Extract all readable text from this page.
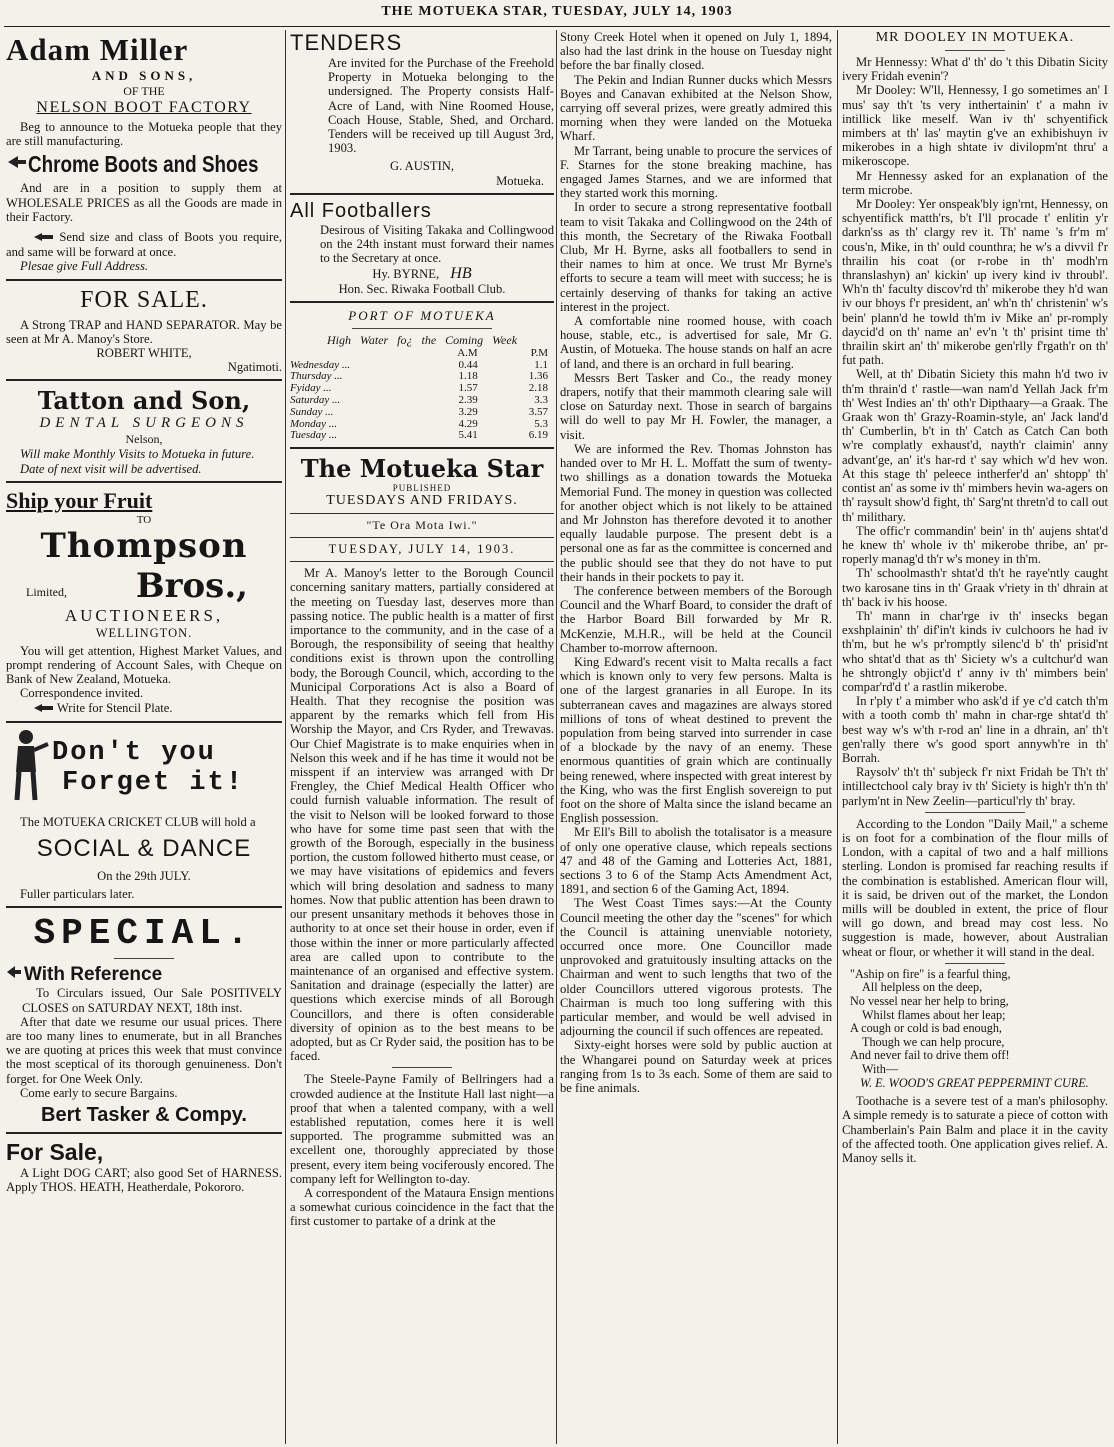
THE MOTUEKA STAR, TUESDAY, JULY 14, 1903
Adam Miller
AND SONS,
OF THE
NELSON BOOT FACTORY

Beg to announce to the Motueka people that they are still manufacturing.

Chrome Boots and Shoes

And are in a position to supply them at WHOLESALE PRICES as all the Goods are made in their Factory.

Send size and class of Boots you require, and same will be forward at once.

Plesae give Full Address.

FOR SALE.

A Strong TRAP and HAND SEPARATOR. May be seen at Mr A. Manoy's Store.

ROBERT WHITE,

Ngatimoti.

Tatton and Son,
DENTAL SURGEONS
Nelson,

Will make Monthly Visits to Motueka in future.

Date of next visit will be advertised.

Ship your Fruit
TO
Thompson
Limited, Bros.,
AUCTIONEERS,
WELLINGTON.

You will get attention, Highest Market Values, and prompt rendering of Account Sales, with Cheque on Bank of New Zealand, Motueka.

Correspondence invited.

Write for Stencil Plate.

Don't you
Forget it!

The MOTUEKA CRICKET CLUB will hold a

SOCIAL & DANCE

On the 29th JULY.

Fuller particulars later.

SPECIAL.
With Reference

To Circulars issued, Our Sale POSITIVELY CLOSES on SATURDAY NEXT, 18th inst.

After that date we resume our usual prices. There are too many lines to enumerate, but in all Branches we are quoting at prices this week that must convince the most sceptical of its thorough genuineness. Don't forget. for One Week Only.

Come early to secure Bargains.

Bert Tasker & Compy.
For Sale,

A Light DOG CART; also good Set of HARNESS. Apply THOS. HEATH, Heatherdale, Pokororo.

TENDERS

Are invited for the Purchase of the Freehold Property in Motueka belonging to the undersigned. The Property consists Half-Acre of Land, with Nine Roomed House, Coach House, Stable, Shed, and Orchard. Tenders will be received up till August 3rd, 1903.

G. AUSTIN,

Motueka.

All Footballers

Desirous of Visiting Takaka and Collingwood on the 24th instant must forward their names to the Secretary at once.

Hy. BYRNE, HB

Hon. Sec. Riwaka Football Club.

PORT OF MOTUEKA
High Water fo¿ the Coming Week
	A.M	P.M
Wednesday ...	0.44	1.1
Thursday ...	1.18	1.36
Fyiday ...	1.57	2.18
Saturday ...	2.39	3.3
Sunday ...	3.29	3.57
Monday ...	4.29	5.3
Tuesday ...	5.41	6.19
The Motueka Star
PUBLISHED
TUESDAYS AND FRIDAYS.
"Te Ora Mota Iwi."
TUESDAY, JULY 14, 1903.

Mr A. Manoy's letter to the Borough Council concerning sanitary matters, partially considered at the meeting on Tuesday last, deserves more than passing notice. The public health is a matter of first importance to the community, and in the case of a Borough, the responsibility of seeing that healthy conditions exist is thrown upon the controlling body, the Borough Council, which, according to the Municipal Corporations Act is also a Board of Health. That they recognise the position was apparent by the remarks which fell from His Worship the Mayor, and Crs Ryder, and Trewavas. Our Chief Magistrate is to make enquiries when in Nelson this week and if he has time it would not be misspent if an interview was arranged with Dr Frengley, the Chief Medical Health Officer who could furnish valuable information. The result of the visit to Nelson will be looked forward to those who have for some time past seen that with the growth of the Borough, especially in the business portion, the custom followed hitherto must cease, or we may have visitations of epidemics and fevers which will bring desolation and sadness to many homes. Now that public attention has been drawn to our present unsanitary methods it behoves those in authority to at once set their house in order, even if those within the inner or more particularly affected area are called upon to contribute to the maintenance of an organised and effective system. Sanitation and drainage (especially the latter) are questions which exercise minds of all Borough Councillors, and there is often considerable diversity of opinion as to the best means to be adopted, but as Cr Ryder said, the position has to be faced.

The Steele-Payne Family of Bellringers had a crowded audience at the Institute Hall last night—a proof that when a talented company, with a well established reputation, comes here it is well supported. The programme submitted was an excellent one, thoroughly appreciated by those present, every item being vociferously encored. The company left for Wellington to-day.

A correspondent of the Mataura Ensign mentions a somewhat curious coincidence in the fact that the first customer to partake of a drink at the

Stony Creek Hotel when it opened on July 1, 1894, also had the last drink in the house on Tuesday night before the bar finally closed.

The Pekin and Indian Runner ducks which Messrs Boyes and Canavan exhibited at the Nelson Show, carrying off several prizes, were greatly admired this morning when they were landed on the Motueka Wharf.

Mr Tarrant, being unable to procure the services of F. Starnes for the stone breaking machine, has engaged James Starnes, and we are informed that they started work this morning.

In order to secure a strong representative football team to visit Takaka and Collingwood on the 24th of this month, the Secretary of the Riwaka Football Club, Mr H. Byrne, asks all footballers to send in their names to him at once. We trust Mr Byrne's efforts to secure a team will meet with success; he is certainly deserving of thanks for taking an active interest in the project.

A comfortable nine roomed house, with coach house, stable, etc., is advertised for sale, Mr G. Austin, of Motueka. The house stands on half an acre of land, and there is an orchard in full bearing.

Messrs Bert Tasker and Co., the ready money drapers, notify that their mammoth clearing sale will close on Saturday next. Those in search of bargains will do well to pay Mr H. Fowler, the manager, a visit.

We are informed the Rev. Thomas Johnston has handed over to Mr H. L. Moffatt the sum of twenty-two shillings as a donation towards the Motueka Memorial Fund. The money in question was collected for another object which is not likely to be attained and Mr Johnston has therefore devoted it to another equally laudable purpose. The present debt is a personal one as far as the committee is concerned and the public should see that they do not have to put their hands in their pockets to pay it.

The conference between members of the Borough Council and the Wharf Board, to consider the draft of the Harbor Board Bill forwarded by Mr R. McKenzie, M.H.R., will be held at the Council Chamber to-morrow afternoon.

King Edward's recent visit to Malta recalls a fact which is known only to very few persons. Malta is one of the largest granaries in all Europe. In its subterranean caves and magazines are always stored millions of tons of wheat destined to prevent the population from being starved into surrender in case of a blockade by the navy of an enemy. These enormous quantities of grain which are continually being renewed, where inspected with great interest by the King, who was the first English sovereign to put foot on the shore of Malta since the island became an English possession.

Mr Ell's Bill to abolish the totalisator is a measure of only one operative clause, which repeals sections 47 and 48 of the Gaming and Lotteries Act, 1881, sections 3 to 6 of the Stamp Acts Amendment Act, 1891, and section 6 of the Gaming Act, 1894.

The West Coast Times says:—At the County Council meeting the other day the "scenes" for which the Council is attaining unenviable notoriety, occurred once more. One Councillor made unprovoked and gratuitously insulting attacks on the Chairman and went to such lengths that two of the older Councillors uttered vigorous protests. The Chairman is much too long suffering with this particular member, and would be well advised in adjourning the council if such offences are repeated.

Sixty-eight horses were sold by public auction at the Whangarei pound on Saturday week at prices ranging from 1s to 3s each. Some of them are said to be fine animals.

MR DOOLEY IN MOTUEKA.

Mr Hennessy: What d' th' do 't this Dibatin Sicity ivery Fridah evenin'?

Mr Dooley: W'll, Hennessy, I go sometimes an' I mus' say th't 'ts very inthertainin' t' a mahn iv intillick like meself. Wan iv th' schyentifick mimbers at th' las' maytin g've an exhibishuyn iv mikerobes in a high shtate iv divilopm'nt thru' a mikeroscope.

Mr Hennessy asked for an explanation of the term microbe.

Mr Dooley: Yer onspeak'bly ign'rnt, Hennessy, on schyentifick matth'rs, b't I'll procade t' enlitin y'r darkn'ss as th' clargy rev it. Th' name 's fr'm m' cous'n, Mike, in th' ould counthra; he w's a divvil f'r thrailin his coat (or r-robe in th' modh'rn thranslashyn) an' kickin' up ivery kind iv throubl'. Wh'n th' faculty discov'rd th' mikerobe they h'd wan iv our bhoys f'r president, an' wh'n th' christenin' w's bein' plann'd he towld th'm iv Mike an' pr-romply daycid'd on th' name an' ev'n 't th' prisint time th' thrailin skirt an' th' mikerobe gen'rlly f'rgath'r on th' fut path.

Well, at th' Dibatin Siciety this mahn h'd two iv th'm thrain'd t' rastle—wan nam'd Yellah Jack fr'm th' West Indies an' th' oth'r Dipthaary—a Graak. The Graak won th' Grazy-Roamin-style, an' Jack land'd th' Cumberlin, b't in th' Catch as Catch Can both w're complatly exhaust'd, nayth'r claimin' anny advant'ge, an' it's har-rd t' say which w'd hev won. At this stage th' peleece intherfer'd an' shtopp' th' contist an' as some iv th' mimbers hevin wa-agers on th' raysult show'd fight, th' Sarg'nt thretn'd to call out th' milithary.

The offic'r commandin' bein' in th' aujens shtat'd he knew th' whole iv th' mikerobe thribe, an' pr-roperly manag'd th'r w's money in th'm.

Th' schoolmasth'r shtat'd th't he raye'ntly caught two karosane tins in th' Graak v'riety in th' dhrain at th' back iv his hoose.

Th' mann in char'rge iv th' insecks began exshplainin' th' dif'in't kinds iv culchoors he had iv th'm, but he w's pr'romptly silenc'd b' th' prisid'nt who shtat'd that as th' Siciety w's a cultchur'd wan he shtrongly objict'd t' anny iv th' mimbers bein' compar'rd'd t' a rastlin mikerobe.

In r'ply t' a mimber who ask'd if ye c'd catch th'm with a tooth comb th' mahn in char-rge shtat'd th' best way w's w'th r-rod an' line in a dhrain, an' th't gen'rally there w's good sport annywh're in th' Borrah.

Raysolv' th't th' subjeck f'r nixt Fridah be Th't th' intillectchool caly bray iv th' Siciety is high'r th'n th' parlym'nt in New Zeelin—particul'rly th' bray.

According to the London "Daily Mail," a scheme is on foot for a combination of the flour mills of London, with a capital of two and a half millions sterling. London is promised far reaching results if the combination is established. American flour will, it is said, be driven out of the market, the London mills will be doubled in extent, the price of flour will go down, and bread may cost less. No suggestion is made, however, about Australian wheat or flour, or whether it will stand in the deal.

"Aship on fire" is a fearful thing,
All helpless on the deep,
No vessel near her help to bring,
Whilst flames about her leap;
A cough or cold is bad enough,
Though we can help procure,
And never fail to drive them off!
With—

W. E. WOOD'S GREAT PEPPERMINT CURE.

Toothache is a severe test of a man's philosophy. A simple remedy is to saturate a piece of cotton with Chamberlain's Pain Balm and place it in the cavity of the affected tooth. One application gives relief. A. Manoy sells it.
